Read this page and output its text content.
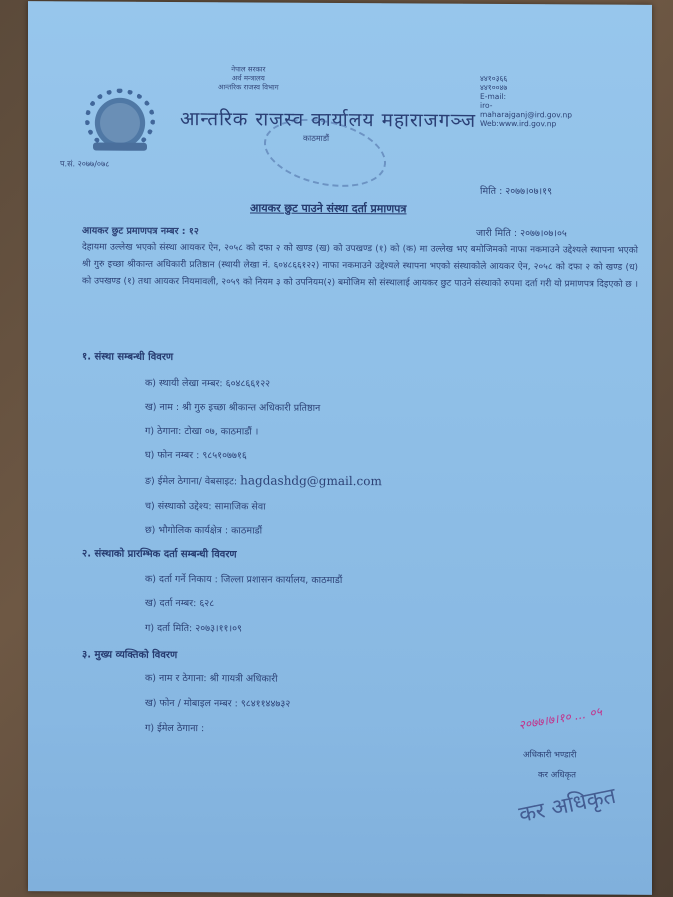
नेपाल सरकार
अर्थ मन्त्रालय
आन्तरिक राजस्व विभाग
आन्तरिक राजस्व कार्यालय महाराजगञ्ज
काठमाडौं
प.सं. २०७७/०७८
४४१०३६६
४४१००४७
E-mail:
iro-
maharajganj@ird.gov.np
Web:www.ird.gov.np
मिति : २०७७।०७।१९
आयकर छुट पाउने संस्था दर्ता प्रमाणपत्र
आयकर छुट प्रमाणपत्र नम्बर : १२	जारी मिति : २०७७।०७।०५
देहायमा उल्लेख भएको संस्था आयकर ऐन, २०५८ को दफा २ को खण्ड (ख) को उपखण्ड (१) को (क) मा उल्लेख भए बमोजिमको नाफा नकमाउने उद्देश्यले स्थापना भएको श्री गुरु इच्छा श्रीकान्त अधिकारी प्रतिष्ठान (स्थायी लेखा नं. ६०४८६६१२२) नाफा नकमाउने उद्देश्यले स्थापना भएको संस्थाकोले आयकर ऐन, २०५८ को दफा २ को खण्ड (ध) को उपखण्ड (१) तथा आयकर नियमावली, २०५९ को नियम ३ को उपनियम(२) बमोजिम सो संस्थालाई आयकर छुट पाउने संस्थाको रुपमा दर्ता गरी यो प्रमाणपत्र दिइएको छ ।
१. संस्था सम्बन्धी विवरण
क) स्थायी लेखा नम्बर: ६०४८६६१२२
ख) नाम : श्री गुरु इच्छा श्रीकान्त अधिकारी प्रतिष्ठान
ग) ठेगाना: टोखा ०७, काठमाडौं ।
घ) फोन नम्बर : ९८५१०७७१६
ङ) ईमेल ठेगाना/ वेबसाइट: hagdashdg@gmail.com
च) संस्थाको उद्देश्य: सामाजिक सेवा
छ) भौगोलिक कार्यक्षेत्र : काठमाडौं
२. संस्थाको प्रारम्भिक दर्ता सम्बन्धी विवरण
क) दर्ता गर्ने निकाय : जिल्ला प्रशासन कार्यालय, काठमाडौं
ख) दर्ता नम्बर: ६२८
ग) दर्ता मिति: २०७३।११।०९
३. मुख्य व्यक्तिको विवरण
क) नाम र ठेगाना: श्री गायत्री अधिकारी
ख) फोन / मोबाइल नम्बर : ९८४११४४७३२
ग) ईमेल ठेगाना :	२०७७।७।१० ... ०५
अधिकारी भण्डारी
कर अधिकृत
कर अधिकृत
